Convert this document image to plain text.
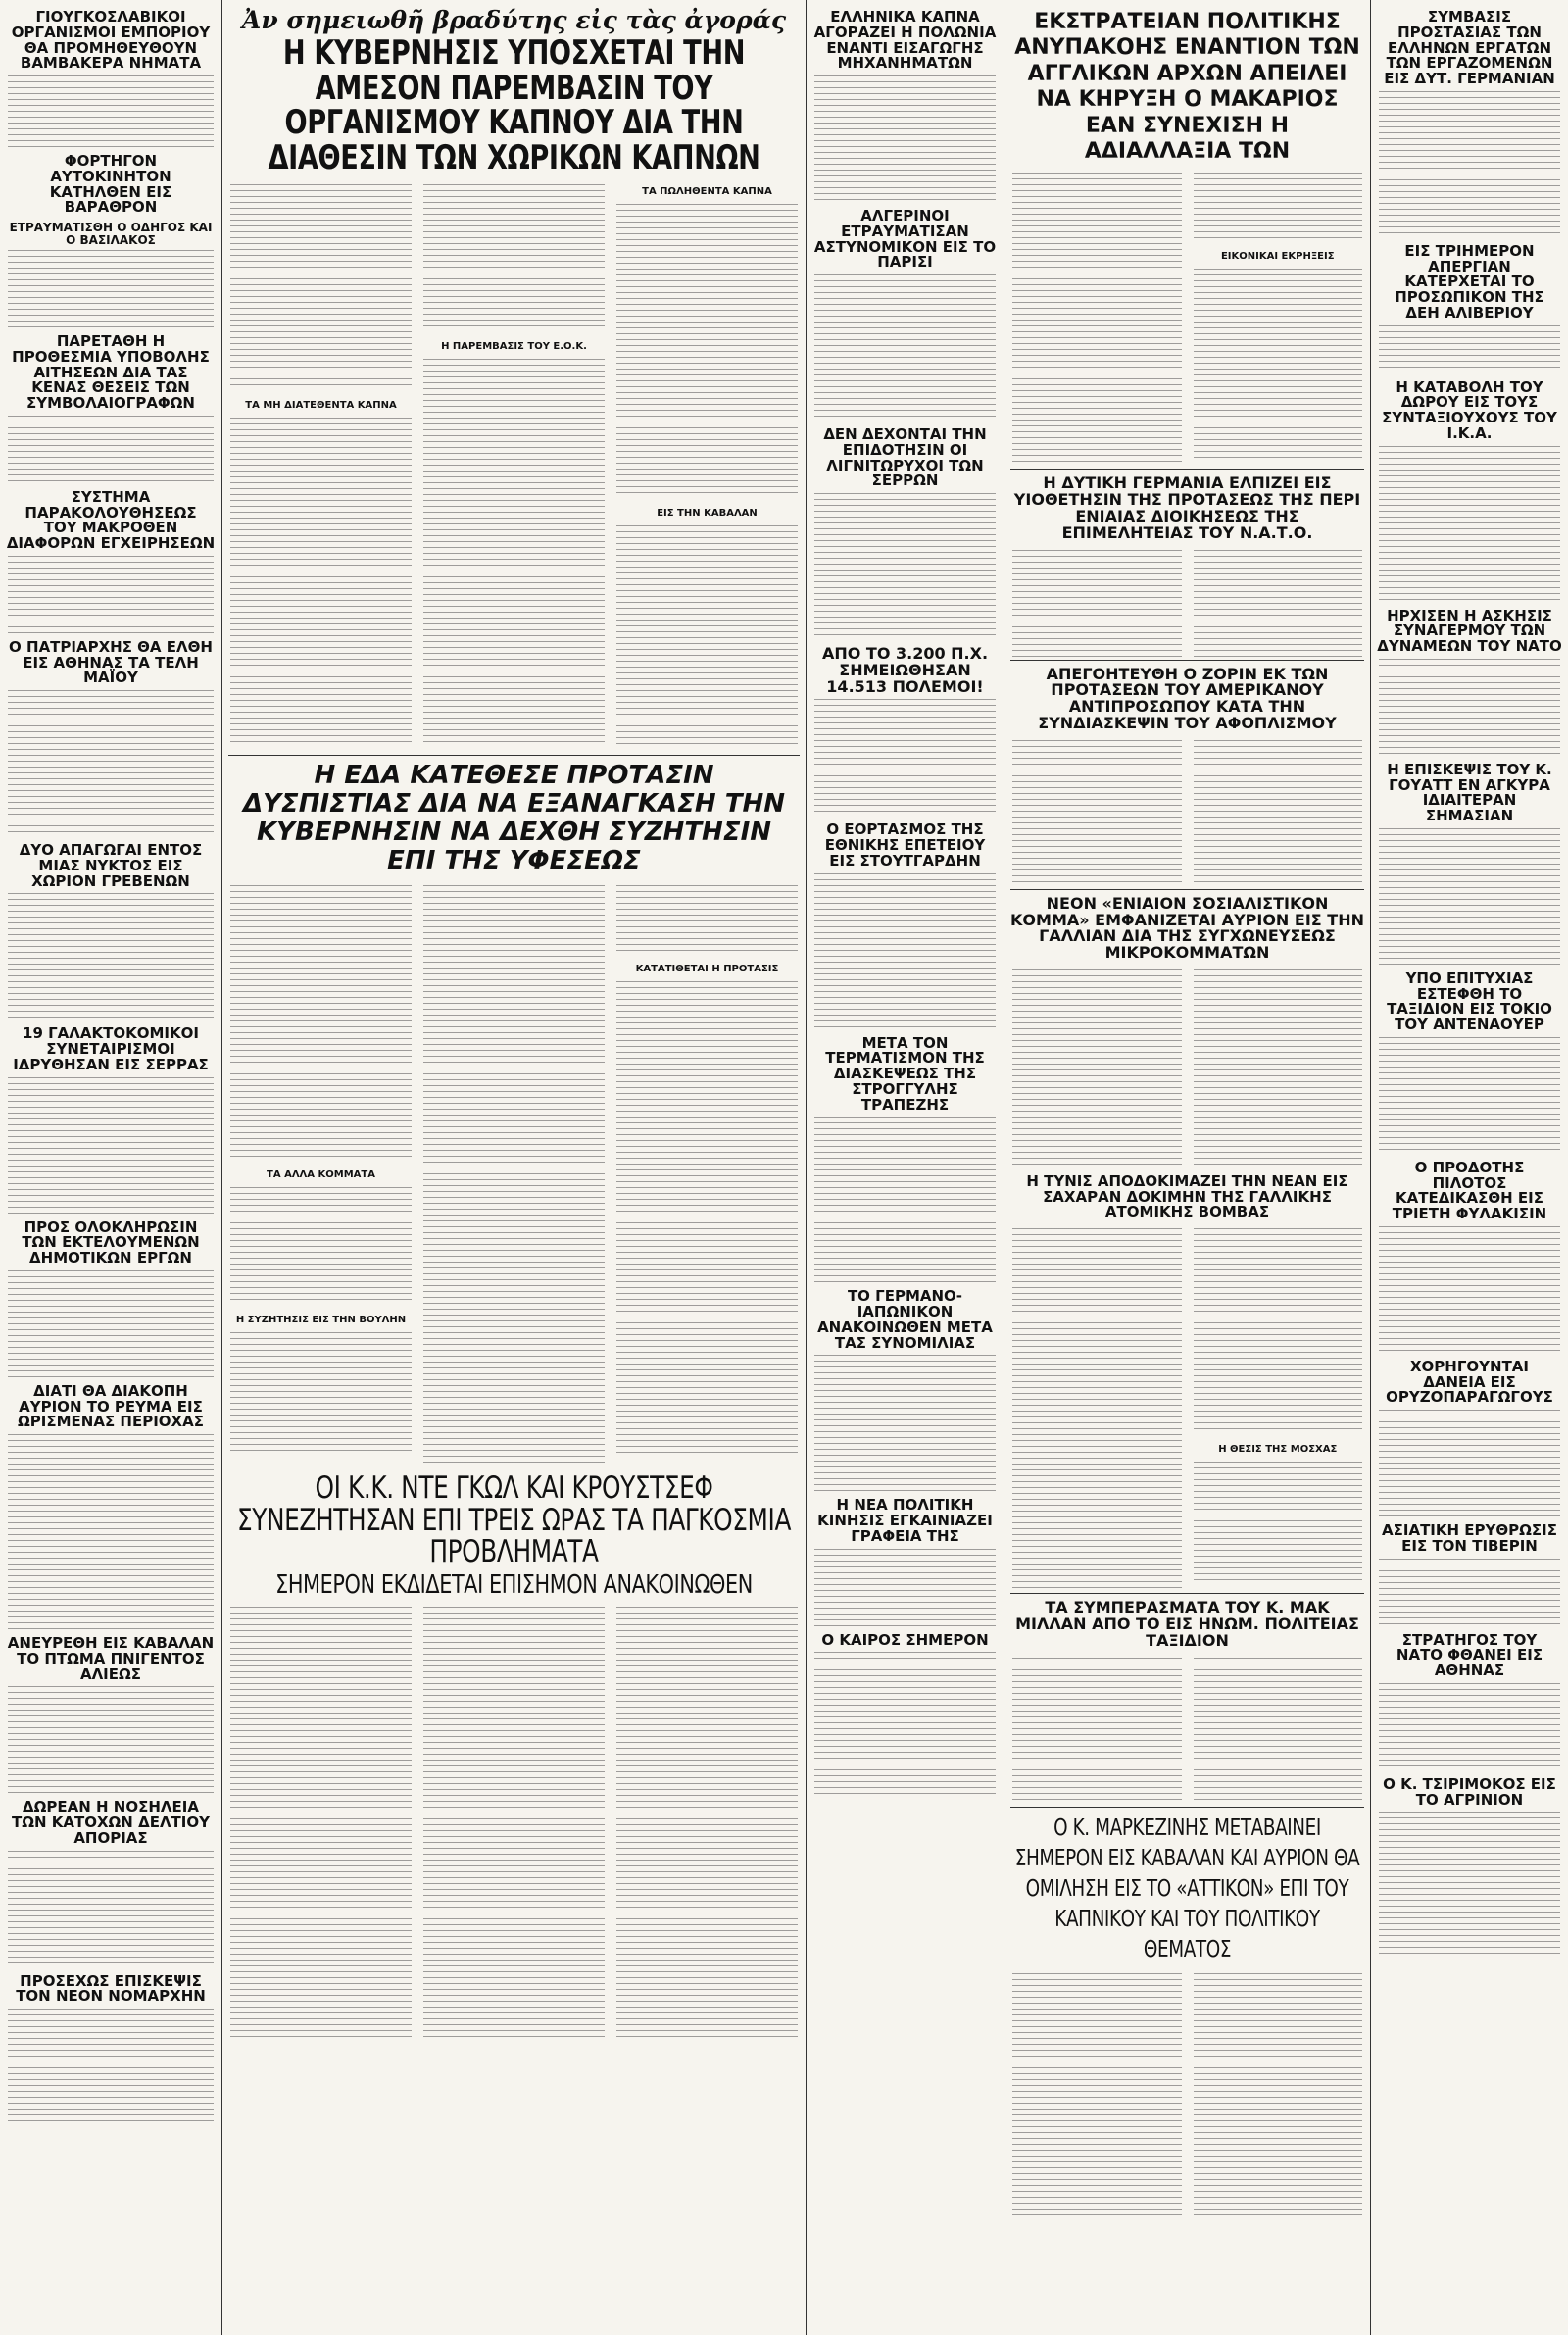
ΓΙΟΥΓΚΟΣΛΑΒΙΚΟΙ ΟΡΓΑΝΙΣΜΟΙ ΕΜΠΟΡΙΟΥ ΘΑ ΠΡΟΜΗΘΕΥΘΟΥΝ ΒΑΜΒΑΚΕΡΑ ΝΗΜΑΤΑ
ΦΟΡΤΗΓΟΝ ΑΥΤΟΚΙΝΗΤΟΝ ΚΑΤΗΛΘΕΝ ΕΙΣ ΒΑΡΑΘΡΟΝ
ΕΤΡΑΥΜΑΤΙΣΘΗ Ο ΟΔΗΓΟΣ ΚΑΙ Ο ΒΑΣΙΛΑΚΟΣ
ΠΑΡΕΤΑΘΗ Η ΠΡΟΘΕΣΜΙΑ ΥΠΟΒΟΛΗΣ ΑΙΤΗΣΕΩΝ ΔΙΑ ΤΑΣ ΚΕΝΑΣ ΘΕΣΕΙΣ ΤΩΝ ΣΥΜΒΟΛΑΙΟΓΡΑΦΩΝ
ΣΥΣΤΗΜΑ ΠΑΡΑΚΟΛΟΥΘΗΣΕΩΣ ΤΟΥ ΜΑΚΡΟΘΕΝ ΔΙΑΦΟΡΩΝ ΕΓΧΕΙΡΗΣΕΩΝ
Ο ΠΑΤΡΙΑΡΧΗΣ ΘΑ ΕΛΘΗ ΕΙΣ ΑΘΗΝΑΣ ΤΑ ΤΕΛΗ ΜΑΪΟΥ
ΔΥΟ ΑΠΑΓΩΓΑΙ ΕΝΤΟΣ ΜΙΑΣ ΝΥΚΤΟΣ ΕΙΣ ΧΩΡΙΟΝ ΓΡΕΒΕΝΩΝ
19 ΓΑΛΑΚΤΟΚΟΜΙΚΟΙ ΣΥΝΕΤΑΙΡΙΣΜΟΙ ΙΔΡΥΘΗΣΑΝ ΕΙΣ ΣΕΡΡΑΣ
ΠΡΟΣ ΟΛΟΚΛΗΡΩΣΙΝ ΤΩΝ ΕΚΤΕΛΟΥΜΕΝΩΝ ΔΗΜΟΤΙΚΩΝ ΕΡΓΩΝ
ΔΙΑΤΙ ΘΑ ΔΙΑΚΟΠΗ ΑΥΡΙΟΝ ΤΟ ΡΕΥΜΑ ΕΙΣ ΩΡΙΣΜΕΝΑΣ ΠΕΡΙΟΧΑΣ
ΑΝΕΥΡΕΘΗ ΕΙΣ ΚΑΒΑΛΑΝ ΤΟ ΠΤΩΜΑ ΠΝΙΓΕΝΤΟΣ ΑΛΙΕΩΣ
ΔΩΡΕΑΝ Η ΝΟΣΗΛΕΙΑ ΤΩΝ ΚΑΤΟΧΩΝ ΔΕΛΤΙΟΥ ΑΠΟΡΙΑΣ
ΠΡΟΣΕΧΩΣ ΕΠΙΣΚΕΨΙΣ ΤΟΝ ΝΕΟΝ ΝΟΜΑΡΧΗΝ
Ἀν σημειωθῆ βραδύτης εἰς τὰς ἀγοράς
Η ΚΥΒΕΡΝΗΣΙΣ ΥΠΟΣΧΕΤΑΙ ΤΗΝ ΑΜΕΣΟΝ ΠΑΡΕΜΒΑΣΙΝ ΤΟΥ ΟΡΓΑΝΙΣΜΟΥ ΚΑΠΝΟΥ ΔΙΑ ΤΗΝ ΔΙΑΘΕΣΙΝ ΤΩΝ ΧΩΡΙΚΩΝ ΚΑΠΝΩΝ
ΤΑ ΜΗ ΔΙΑΤΕΘΕΝΤΑ ΚΑΠΝΑ
Η ΠΑΡΕΜΒΑΣΙΣ ΤΟΥ Ε.Ο.Κ.
ΤΑ ΠΩΛΗΘΕΝΤΑ ΚΑΠΝΑ
ΕΙΣ ΤΗΝ ΚΑΒΑΛΑΝ
Η ΕΔΑ ΚΑΤΕΘΕΣΕ ΠΡΟΤΑΣΙΝ ΔΥΣΠΙΣΤΙΑΣ ΔΙΑ ΝΑ ΕΞΑΝΑΓΚΑΣΗ ΤΗΝ ΚΥΒΕΡΝΗΣΙΝ ΝΑ ΔΕΧΘΗ ΣΥΖΗΤΗΣΙΝ ΕΠΙ ΤΗΣ ΥΦΕΣΕΩΣ
ΤΑ ΑΛΛΑ ΚΟΜΜΑΤΑ
Η ΣΥΖΗΤΗΣΙΣ ΕΙΣ ΤΗΝ ΒΟΥΛΗΝ
ΚΑΤΑΤΙΘΕΤΑΙ Η ΠΡΟΤΑΣΙΣ
ΟΙ Κ.Κ. ΝΤΕ ΓΚΩΛ ΚΑΙ ΚΡΟΥΣΤΣΕΦ ΣΥΝΕΖΗΤΗΣΑΝ ΕΠΙ ΤΡΕΙΣ ΩΡΑΣ ΤΑ ΠΑΓΚΟΣΜΙΑ ΠΡΟΒΛΗΜΑΤΑ
ΣΗΜΕΡΟΝ ΕΚΔΙΔΕΤΑΙ ΕΠΙΣΗΜΟΝ ΑΝΑΚΟΙΝΩΘΕΝ
ΕΛΛΗΝΙΚΑ ΚΑΠΝΑ ΑΓΟΡΑΖΕΙ Η ΠΟΛΩΝΙΑ ΕΝΑΝΤΙ ΕΙΣΑΓΩΓΗΣ ΜΗΧΑΝΗΜΑΤΩΝ
ΑΛΓΕΡΙΝΟΙ ΕΤΡΑΥΜΑΤΙΣΑΝ ΑΣΤΥΝΟΜΙΚΟΝ ΕΙΣ ΤΟ ΠΑΡΙΣΙ
ΔΕΝ ΔΕΧΟΝΤΑΙ ΤΗΝ ΕΠΙΔΟΤΗΣΙΝ ΟΙ ΛΙΓΝΙΤΩΡΥΧΟΙ ΤΩΝ ΣΕΡΡΩΝ
ΑΠΟ ΤΟ 3.200 Π.Χ. ΣΗΜΕΙΩΘΗΣΑΝ 14.513 ΠΟΛΕΜΟΙ!
Ο ΕΟΡΤΑΣΜΟΣ ΤΗΣ ΕΘΝΙΚΗΣ ΕΠΕΤΕΙΟΥ ΕΙΣ ΣΤΟΥΤΓΑΡΔΗΝ
ΜΕΤΑ ΤΟΝ ΤΕΡΜΑΤΙΣΜΟΝ ΤΗΣ ΔΙΑΣΚΕΨΕΩΣ ΤΗΣ ΣΤΡΟΓΓΥΛΗΣ ΤΡΑΠΕΖΗΣ
ΤΟ ΓΕΡΜΑΝΟ-ΙΑΠΩΝΙΚΟΝ ΑΝΑΚΟΙΝΩΘΕΝ ΜΕΤΑ ΤΑΣ ΣΥΝΟΜΙΛΙΑΣ
Η ΝΕΑ ΠΟΛΙΤΙΚΗ ΚΙΝΗΣΙΣ ΕΓΚΑΙΝΙΑΖΕΙ ΓΡΑΦΕΙΑ ΤΗΣ
Ο ΚΑΙΡΟΣ ΣΗΜΕΡΟΝ
ΕΚΣΤΡΑΤΕΙΑΝ ΠΟΛΙΤΙΚΗΣ ΑΝΥΠΑΚΟΗΣ ΕΝΑΝΤΙΟΝ ΤΩΝ ΑΓΓΛΙΚΩΝ ΑΡΧΩΝ ΑΠΕΙΛΕΙ ΝΑ ΚΗΡΥΞΗ Ο ΜΑΚΑΡΙΟΣ ΕΑΝ ΣΥΝΕΧΙΣΗ Η ΑΔΙΑΛΛΑΞΙΑ ΤΩΝ
ΕΙΚΟΝΙΚΑΙ ΕΚΡΗΞΕΙΣ
Η ΔΥΤΙΚΗ ΓΕΡΜΑΝΙΑ ΕΛΠΙΖΕΙ ΕΙΣ ΥΙΟΘΕΤΗΣΙΝ ΤΗΣ ΠΡΟΤΑΣΕΩΣ ΤΗΣ ΠΕΡΙ ΕΝΙΑΙΑΣ ΔΙΟΙΚΗΣΕΩΣ ΤΗΣ ΕΠΙΜΕΛΗΤΕΙΑΣ ΤΟΥ Ν.Α.Τ.Ο.
ΑΠΕΓΟΗΤΕΥΘΗ Ο ΖΟΡΙΝ ΕΚ ΤΩΝ ΠΡΟΤΑΣΕΩΝ ΤΟΥ ΑΜΕΡΙΚΑΝΟΥ ΑΝΤΙΠΡΟΣΩΠΟΥ ΚΑΤΑ ΤΗΝ ΣΥΝΔΙΑΣΚΕΨΙΝ ΤΟΥ ΑΦΟΠΛΙΣΜΟΥ
ΝΕΟΝ «ΕΝΙΑΙΟΝ ΣΟΣΙΑΛΙΣΤΙΚΟΝ ΚΟΜΜΑ» ΕΜΦΑΝΙΖΕΤΑΙ ΑΥΡΙΟΝ ΕΙΣ ΤΗΝ ΓΑΛΛΙΑΝ ΔΙΑ ΤΗΣ ΣΥΓΧΩΝΕΥΣΕΩΣ ΜΙΚΡΟΚΟΜΜΑΤΩΝ
Η ΤΥΝΙΣ ΑΠΟΔΟΚΙΜΑΖΕΙ ΤΗΝ ΝΕΑΝ ΕΙΣ ΣΑΧΑΡΑΝ ΔΟΚΙΜΗΝ ΤΗΣ ΓΑΛΛΙΚΗΣ ΑΤΟΜΙΚΗΣ ΒΟΜΒΑΣ
Η ΘΕΣΙΣ ΤΗΣ ΜΟΣΧΑΣ
ΤΑ ΣΥΜΠΕΡΑΣΜΑΤΑ ΤΟΥ Κ. ΜΑΚ ΜΙΛΛΑΝ ΑΠΟ ΤΟ ΕΙΣ ΗΝΩΜ. ΠΟΛΙΤΕΙΑΣ ΤΑΞΙΔΙΟΝ
Ο Κ. ΜΑΡΚΕΖΙΝΗΣ ΜΕΤΑΒΑΙΝΕΙ ΣΗΜΕΡΟΝ ΕΙΣ ΚΑΒΑΛΑΝ ΚΑΙ ΑΥΡΙΟΝ ΘΑ ΟΜΙΛΗΣΗ ΕΙΣ ΤΟ «ΑΤΤΙΚΟΝ» ΕΠΙ ΤΟΥ ΚΑΠΝΙΚΟΥ ΚΑΙ ΤΟΥ ΠΟΛΙΤΙΚΟΥ ΘΕΜΑΤΟΣ
ΣΥΜΒΑΣΙΣ ΠΡΟΣΤΑΣΙΑΣ ΤΩΝ ΕΛΛΗΝΩΝ ΕΡΓΑΤΩΝ ΤΩΝ ΕΡΓΑΖΟΜΕΝΩΝ ΕΙΣ ΔΥΤ. ΓΕΡΜΑΝΙΑΝ
ΕΙΣ ΤΡΙΗΜΕΡΟΝ ΑΠΕΡΓΙΑΝ ΚΑΤΕΡΧΕΤΑΙ ΤΟ ΠΡΟΣΩΠΙΚΟΝ ΤΗΣ ΔΕΗ ΑΛΙΒΕΡΙΟΥ
Η ΚΑΤΑΒΟΛΗ ΤΟΥ ΔΩΡΟΥ ΕΙΣ ΤΟΥΣ ΣΥΝΤΑΞΙΟΥΧΟΥΣ ΤΟΥ Ι.Κ.Α.
ΗΡΧΙΣΕΝ Η ΑΣΚΗΣΙΣ ΣΥΝΑΓΕΡΜΟΥ ΤΩΝ ΔΥΝΑΜΕΩΝ ΤΟΥ ΝΑΤΟ
Η ΕΠΙΣΚΕΨΙΣ ΤΟΥ Κ. ΓΟΥΑΤΤ ΕΝ ΑΓΚΥΡΑ ΙΔΙΑΙΤΕΡΑΝ ΣΗΜΑΣΙΑΝ
ΥΠΟ ΕΠΙΤΥΧΙΑΣ ΕΣΤΕΦΘΗ ΤΟ ΤΑΞΙΔΙΟΝ ΕΙΣ ΤΟΚΙΟ ΤΟΥ ΑΝΤΕΝΑΟΥΕΡ
Ο ΠΡΟΔΟΤΗΣ ΠΙΛΟΤΟΣ ΚΑΤΕΔΙΚΑΣΘΗ ΕΙΣ ΤΡΙΕΤΗ ΦΥΛΑΚΙΣΙΝ
ΧΟΡΗΓΟΥΝΤΑΙ ΔΑΝΕΙΑ ΕΙΣ ΟΡΥΖΟΠΑΡΑΓΩΓΟΥΣ
ΑΣΙΑΤΙΚΗ ΕΡΥΘΡΩΣΙΣ ΕΙΣ ΤΟΝ ΤΙΒΕΡΙΝ
ΣΤΡΑΤΗΓΟΣ ΤΟΥ ΝΑΤΟ ΦΘΑΝΕΙ ΕΙΣ ΑΘΗΝΑΣ
Ο Κ. ΤΣΙΡΙΜΟΚΟΣ ΕΙΣ ΤΟ ΑΓΡΙΝΙΟΝ
